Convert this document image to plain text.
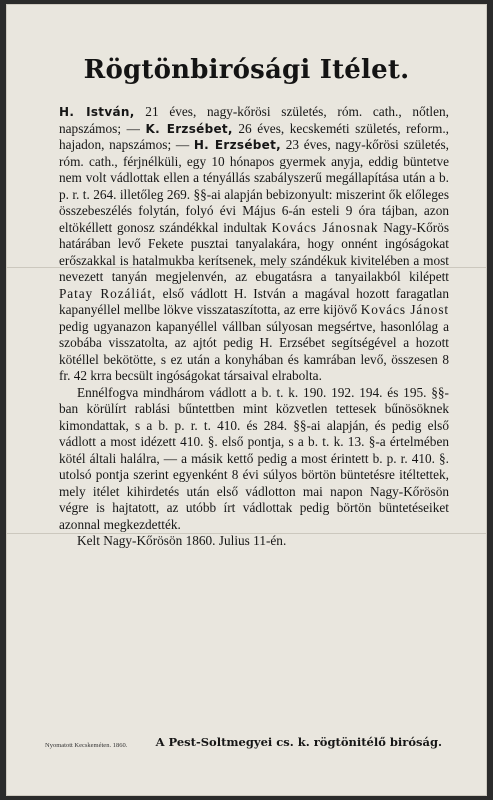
Rögtönbirósági Itélet.

H. István, 21 éves, nagy-kőrösi születés, róm. cath., nőtlen, napszámos; — K. Erzsébet, 26 éves, kecskeméti születés, reform., hajadon, napszámos; — H. Erzsébet, 23 éves, nagy-kőrösi születés, róm. cath., férjnélküli, egy 10 hónapos gyermek anyja, eddig büntetve nem volt vádlottak ellen a tényállás szabályszerű megállapítása után a b. p. r. t. 264. illetőleg 269. §§-ai alapján bebizonyult: miszerint ők előleges összebeszélés folytán, folyó évi Május 6-án esteli 9 óra tájban, azon eltökéllett gonosz szándékkal indultak Kovács Jánosnak Nagy-Kőrös határában levő Fekete pusztai tanyalakára, hogy onnént ingóságokat erőszakkal is hatalmukba kerítsenek, mely szándékuk kivitelében a most nevezett tanyán megjelenvén, az ebugatásra a tanyailakból kilépett Patay Rozáliát, első vádlott H. István a magával hozott faragatlan kapanyéllel mellbe lökve visszataszította, az erre kijövő Kovács Jánost pedig ugyanazon kapanyéllel vállban súlyosan megsértve, hasonlólag a szobába visszatolta, az ajtót pedig H. Erzsébet segítségével a hozott kötéllel bekötötte, s ez után a konyhában és kamrában levő, összesen 8 fr. 42 krra becsült ingóságokat társaival elrabolta.

Ennélfogva mindhárom vádlott a b. t. k. 190. 192. 194. és 195. §§-ban körülírt rablási bűntettben mint közvetlen tettesek bűnösöknek kimondattak, s a b. p. r. t. 410. és 284. §§-ai alapján, és pedig első vádlott a most idézett 410. §. első pontja, s a b. t. k. 13. §-a értelmében kötél általi halálra, — a másik kettő pedig a most érintett b. p. r. 410. §. utolsó pontja szerint egyenként 8 évi súlyos börtön büntetésre itéltettek, mely itélet kihirdetés után első vádlotton mai napon Nagy-Kőrösön végre is hajtatott, az utóbb írt vádlottak pedig börtön büntetéseiket azonnal megkezdették.

Kelt Nagy-Kőrösön 1860. Julius 11-én.

Nyomatott Kecskeméten. 1860. A Pest-Soltmegyei cs. k. rögtönitélő biróság.
